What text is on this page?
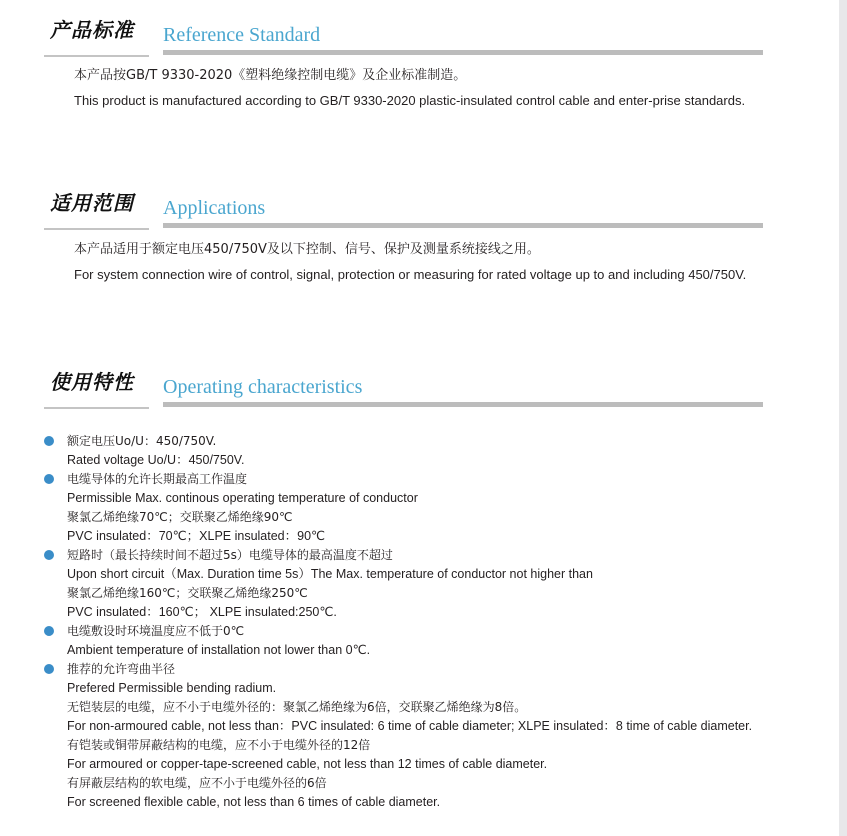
产品标准 Reference Standard

本产品按GB/T 9330-2020《塑料绝缘控制电缆》及企业标准制造。

This product is manufactured according to GB/T 9330-2020 plastic-insulated control cable and enter-prise standards.

适用范围 Applications

本产品适用于额定电压450/750V及以下控制、信号、保护及测量系统接线之用。

For system connection wire of control, signal, protection or measuring for rated voltage up to and including 450/750V.

使用特性 Operating characteristics
额定电压Uo/U：450/750V.
Rated voltage Uo/U：450/750V.
电缆导体的允许长期最高工作温度
Permissible Max. continous operating temperature of conductor
聚氯乙烯绝缘70℃；交联聚乙烯绝缘90℃
PVC insulated：70℃；XLPE insulated：90℃
短路时（最长持续时间不超过5s）电缆导体的最高温度不超过
Upon short circuit（Max. Duration time 5s）The Max. temperature of conductor not higher than
聚氯乙烯绝缘160℃；交联聚乙烯绝缘250℃
PVC insulated：160℃； XLPE insulated:250℃.
电缆敷设时环境温度应不低于0℃
Ambient temperature of installation not lower than 0℃.
推荐的允许弯曲半径
Prefered Permissible bending radium.
无铠装层的电缆，应不小于电缆外径的：聚氯乙烯绝缘为6倍，交联聚乙烯绝缘为8倍。
For non-armoured cable, not less than：PVC insulated: 6 time of cable diameter; XLPE insulated：8 time of cable diameter.
有铠装或铜带屏蔽结构的电缆，应不小于电缆外径的12倍
For armoured or copper-tape-screened cable, not less than 12 times of cable diameter.
有屏蔽层结构的软电缆，应不小于电缆外径的6倍
For screened flexible cable, not less than 6 times of cable diameter.
